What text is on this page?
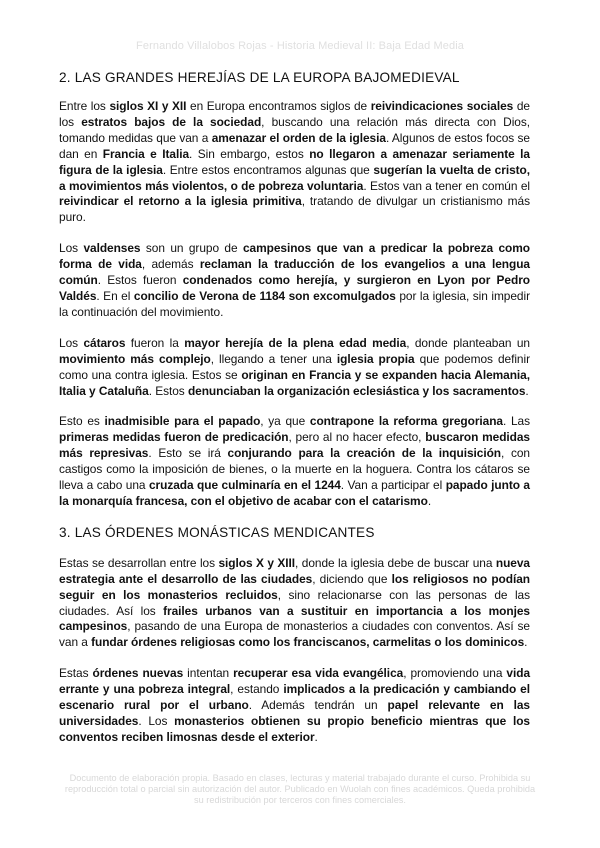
Fernando Villalobos Rojas - Historia Medieval II: Baja Edad Media
2. LAS GRANDES HEREJÍAS DE LA EUROPA BAJOMEDIEVAL

Entre los siglos XI y XII en Europa encontramos siglos de reivindicaciones sociales de los estratos bajos de la sociedad, buscando una relación más directa con Dios, tomando medidas que van a amenazar el orden de la iglesia. Algunos de estos focos se dan en Francia e Italia. Sin embargo, estos no llegaron a amenazar seriamente la figura de la iglesia. Entre estos encontramos algunas que sugerían la vuelta de cristo, a movimientos más violentos, o de pobreza voluntaria. Estos van a tener en común el reivindicar el retorno a la iglesia primitiva, tratando de divulgar un cristianismo más puro.

Los valdenses son un grupo de campesinos que van a predicar la pobreza como forma de vida, además reclaman la traducción de los evangelios a una lengua común. Estos fueron condenados como herejía, y surgieron en Lyon por Pedro Valdés. En el concilio de Verona de 1184 son excomulgados por la iglesia, sin impedir la continuación del movimiento.

Los cátaros fueron la mayor herejía de la plena edad media, donde planteaban un movimiento más complejo, llegando a tener una iglesia propia que podemos definir como una contra iglesia. Estos se originan en Francia y se expanden hacia Alemania, Italia y Cataluña. Estos denunciaban la organización eclesiástica y los sacramentos.

Esto es inadmisible para el papado, ya que contrapone la reforma gregoriana. Las primeras medidas fueron de predicación, pero al no hacer efecto, buscaron medidas más represivas. Esto se irá conjurando para la creación de la inquisición, con castigos como la imposición de bienes, o la muerte en la hoguera. Contra los cátaros se lleva a cabo una cruzada que culminaría en el 1244. Van a participar el papado junto a la monarquía francesa, con el objetivo de acabar con el catarismo.

3. LAS ÓRDENES MONÁSTICAS MENDICANTES

Estas se desarrollan entre los siglos X y XIII, donde la iglesia debe de buscar una nueva estrategia ante el desarrollo de las ciudades, diciendo que los religiosos no podían seguir en los monasterios recluidos, sino relacionarse con las personas de las ciudades. Así los frailes urbanos van a sustituir en importancia a los monjes campesinos, pasando de una Europa de monasterios a ciudades con conventos. Así se van a fundar órdenes religiosas como los franciscanos, carmelitas o los dominicos.

Estas órdenes nuevas intentan recuperar esa vida evangélica, promoviendo una vida errante y una pobreza integral, estando implicados a la predicación y cambiando el escenario rural por el urbano. Además tendrán un papel relevante en las universidades. Los monasterios obtienen su propio beneficio mientras que los conventos reciben limosnas desde el exterior.

Documento de elaboración propia. Basado en clases, lecturas y material trabajado durante el curso. Prohibida su reproducción total o parcial sin autorización del autor. Publicado en Wuolah con fines académicos. Queda prohibida su redistribución por terceros con fines comerciales.
